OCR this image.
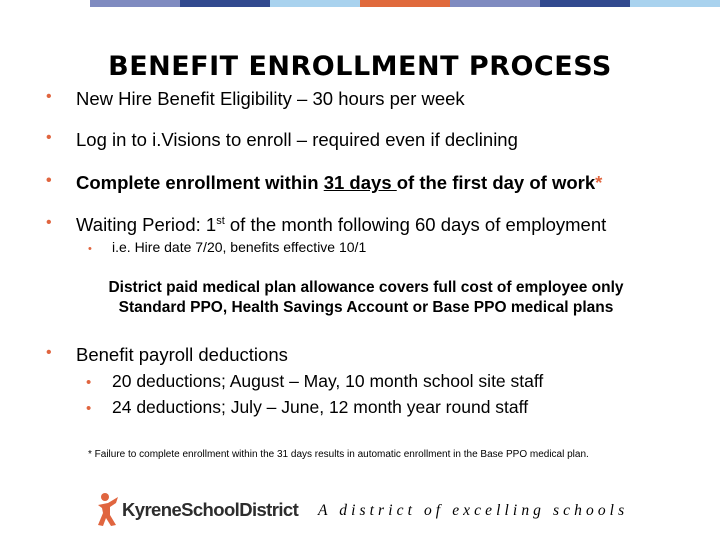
BENEFIT ENROLLMENT PROCESS
• New Hire Benefit Eligibility – 30 hours per week
• Log in to i.Visions to enroll – required even if declining
• Complete enrollment within 31 days of the first day of work*
• Waiting Period: 1st of the month following 60 days of employment
• i.e. Hire date 7/20, benefits effective 10/1
District paid medical plan allowance covers full cost of employee only
Standard PPO, Health Savings Account or Base PPO medical plans
• Benefit payroll deductions
• 20 deductions; August – May, 10 month school site staff
• 24 deductions; July – June, 12 month year round staff
* Failure to complete enrollment within the 31 days results in automatic enrollment in the Base PPO medical plan.
KyreneSchoolDistrict A district of excelling schools
